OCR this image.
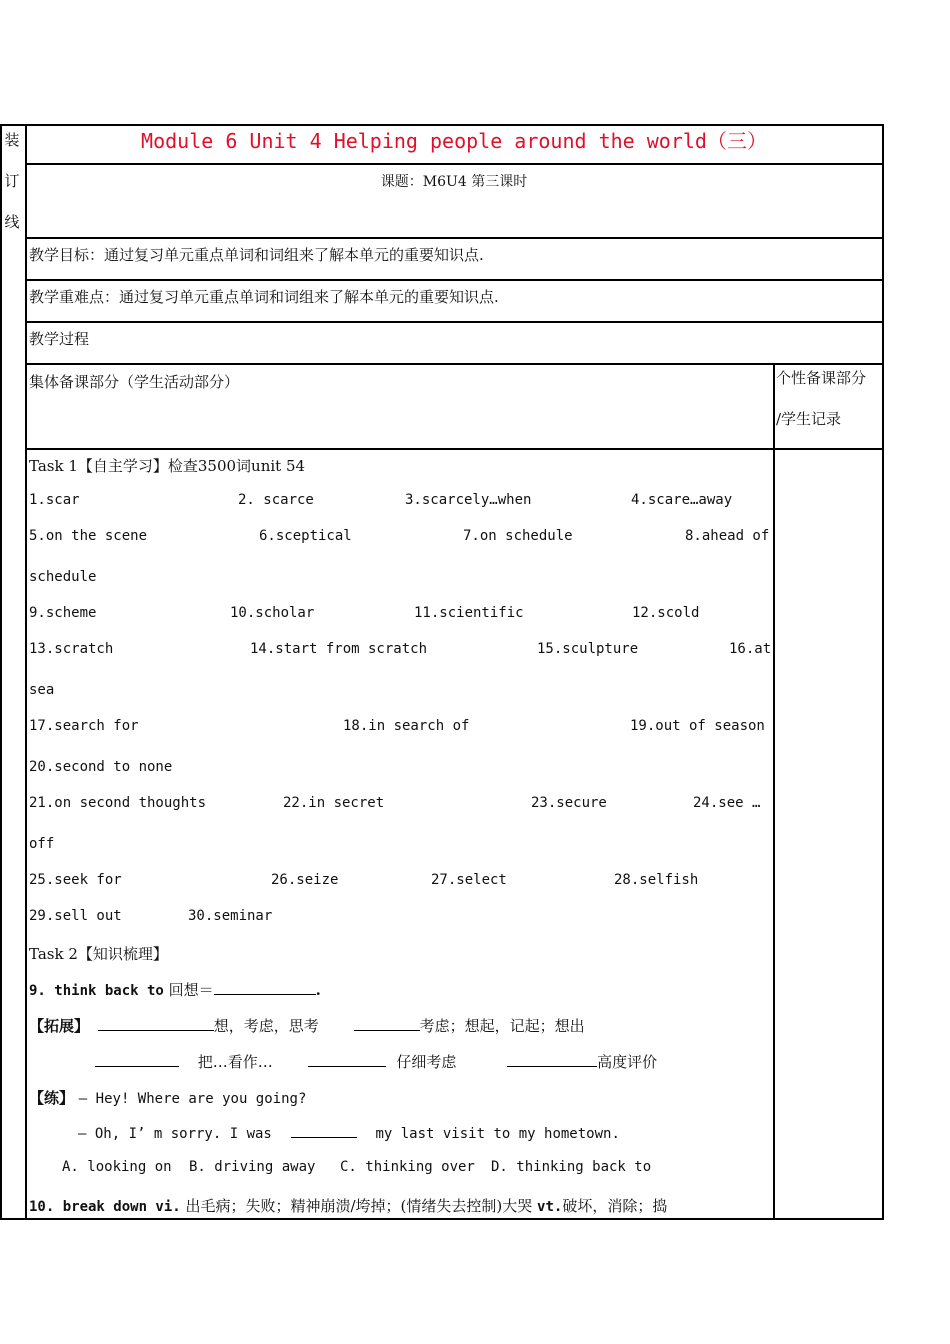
装
订
线
Module 6 Unit 4 Helping people around the world（三）
课题：M6U4 第三课时
教学目标：通过复习单元重点单词和词组来了解本单元的重要知识点.
教学重难点：通过复习单元重点单词和词组来了解本单元的重要知识点.
教学过程
集体备课部分（学生活动部分）	个性备课部分
/学生记录
Task 1【自主学习】检查3500词unit 54
1.scar	2. scarce	3.scarcely…when	4.scare…away
5.on the scene	6.sceptical	7.on schedule	8.ahead of
schedule
9.scheme	10.scholar	11.scientific	12.scold
13.scratch	14.start from scratch	15.sculpture	16.at
sea
17.search for	18.in search of	19.out of season
20.second to none
21.on second thoughts	22.in secret	23.secure	24.see …
off
25.seek for	26.seize	27.select	28.selfish
29.sell out	30.seminar
Task 2【知识梳理】
9. think back to 回想＝	.
【拓展】	想，考虑，思考	考虑；想起，记起；想出
把…看作…	仔细考虑	高度评价
【练】 — Hey! Where are you going?
— Oh, I’ m sorry. I was	my last visit to my hometown.
A. looking on B. driving away C. thinking over D. thinking back to
10. break down vi. 出毛病；失败；精神崩溃/垮掉；(情绪失去控制)大哭 vt.破坏，消除；捣
